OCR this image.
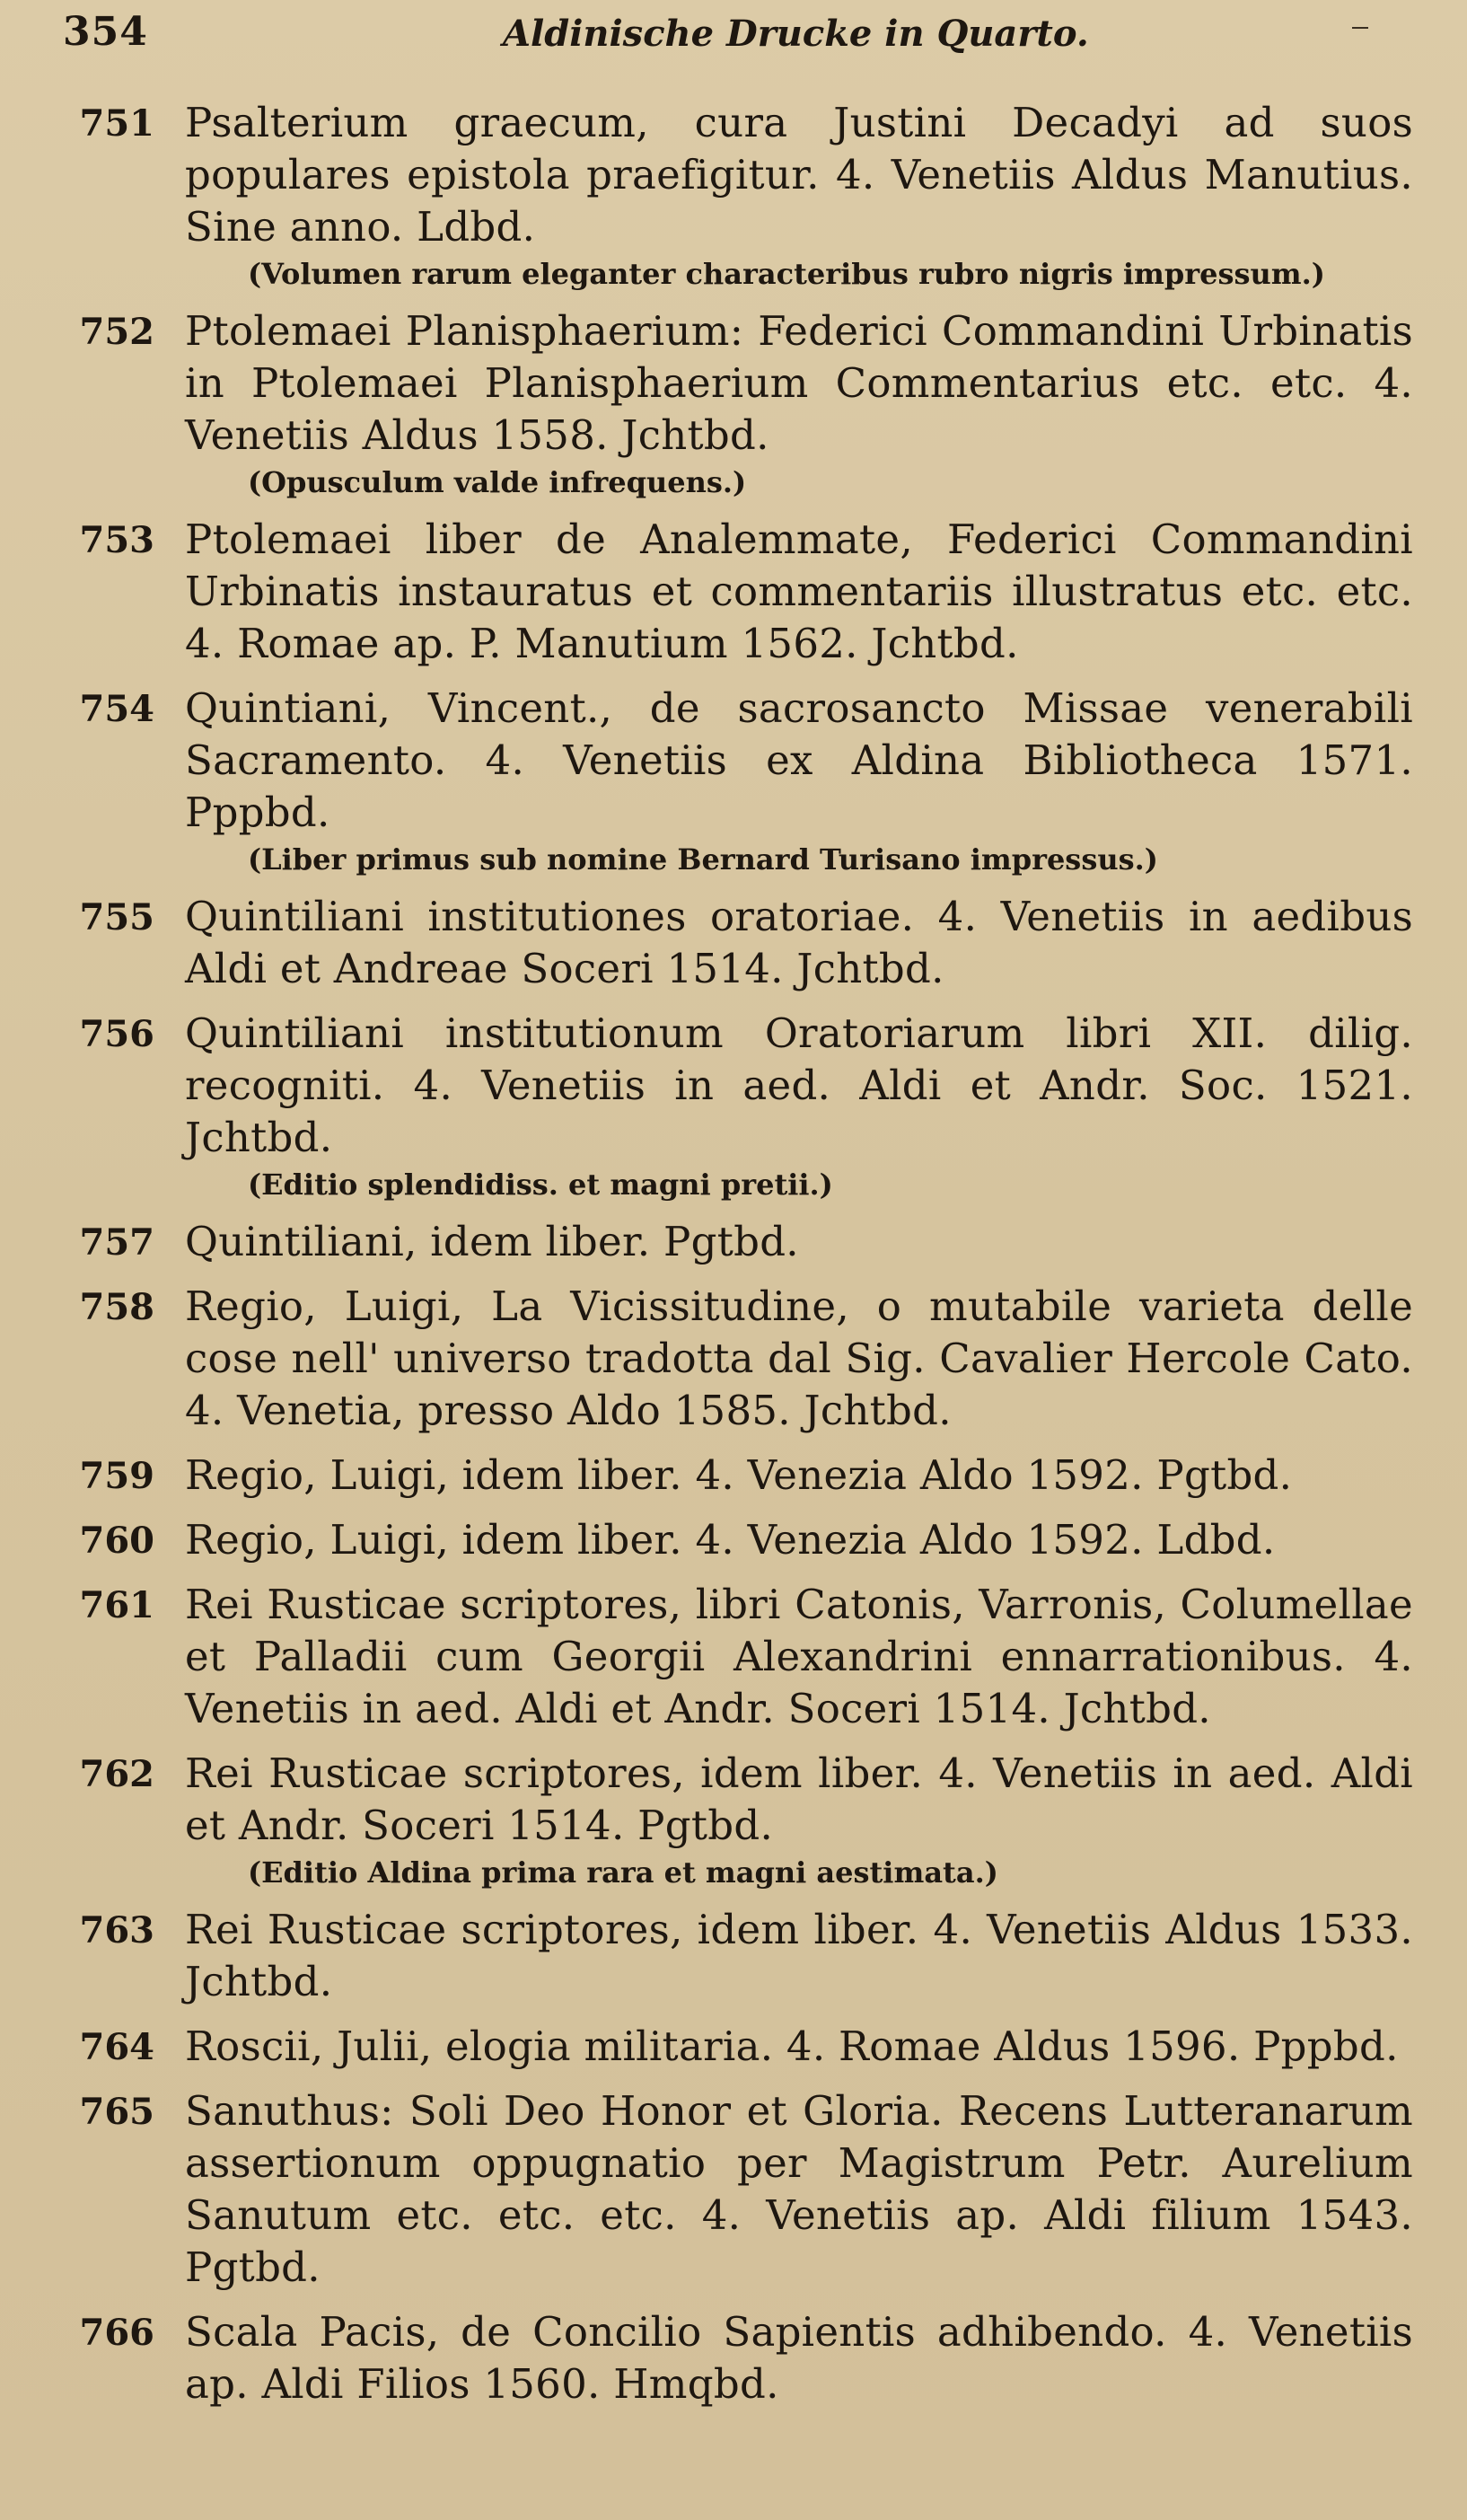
354	Aldinische Drucke in Quarto.
751 Psalterium graecum, cura Justini Decadyi ad suos populares epistola praefigitur. 4. Venetiis Aldus Manutius. Sine anno. Ldbd.
(Volumen rarum eleganter characteribus rubro nigris impressum.)
752 Ptolemaei Planisphaerium: Federici Commandini Urbinatis in Ptolemaei Planisphaerium Commentarius etc. etc. 4. Venetiis Aldus 1558. Jchtbd.
(Opusculum valde infrequens.)
753 Ptolemaei liber de Analemmate, Federici Commandini Urbinatis instauratus et commentariis illustratus etc. etc. 4. Romae ap. P. Manutium 1562. Jchtbd.
754 Quintiani, Vincent., de sacrosancto Missae venerabili Sacramento. 4. Venetiis ex Aldina Bibliotheca 1571. Pppbd.
(Liber primus sub nomine Bernard Turisano impressus.)
755 Quintiliani institutiones oratoriae. 4. Venetiis in aedibus Aldi et Andreae Soceri 1514. Jchtbd.
756 Quintiliani institutionum Oratoriarum libri XII. dilig. recogniti. 4. Venetiis in aed. Aldi et Andr. Soc. 1521. Jchtbd.
(Editio splendidiss. et magni pretii.)
757 Quintiliani, idem liber. Pgtbd.
758 Regio, Luigi, La Vicissitudine, o mutabile varieta delle cose nell' universo tradotta dal Sig. Cavalier Hercole Cato. 4. Venetia, presso Aldo 1585. Jchtbd.
759 Regio, Luigi, idem liber. 4. Venezia Aldo 1592. Pgtbd.
760 Regio, Luigi, idem liber. 4. Venezia Aldo 1592. Ldbd.
761 Rei Rusticae scriptores, libri Catonis, Varronis, Columellae et Palladii cum Georgii Alexandrini ennarrationibus. 4. Venetiis in aed. Aldi et Andr. Soceri 1514. Jchtbd.
762 Rei Rusticae scriptores, idem liber. 4. Venetiis in aed. Aldi et Andr. Soceri 1514. Pgtbd.
(Editio Aldina prima rara et magni aestimata.)
763 Rei Rusticae scriptores, idem liber. 4. Venetiis Aldus 1533. Jchtbd.
764 Roscii, Julii, elogia militaria. 4. Romae Aldus 1596. Pppbd.
765 Sanuthus: Soli Deo Honor et Gloria. Recens Lutteranarum assertionum oppugnatio per Magistrum Petr. Aurelium Sanutum etc. etc. etc. 4. Venetiis ap. Aldi filium 1543. Pgtbd.
766 Scala Pacis, de Concilio Sapientis adhibendo. 4. Venetiis ap. Aldi Filios 1560. Hmqbd.
